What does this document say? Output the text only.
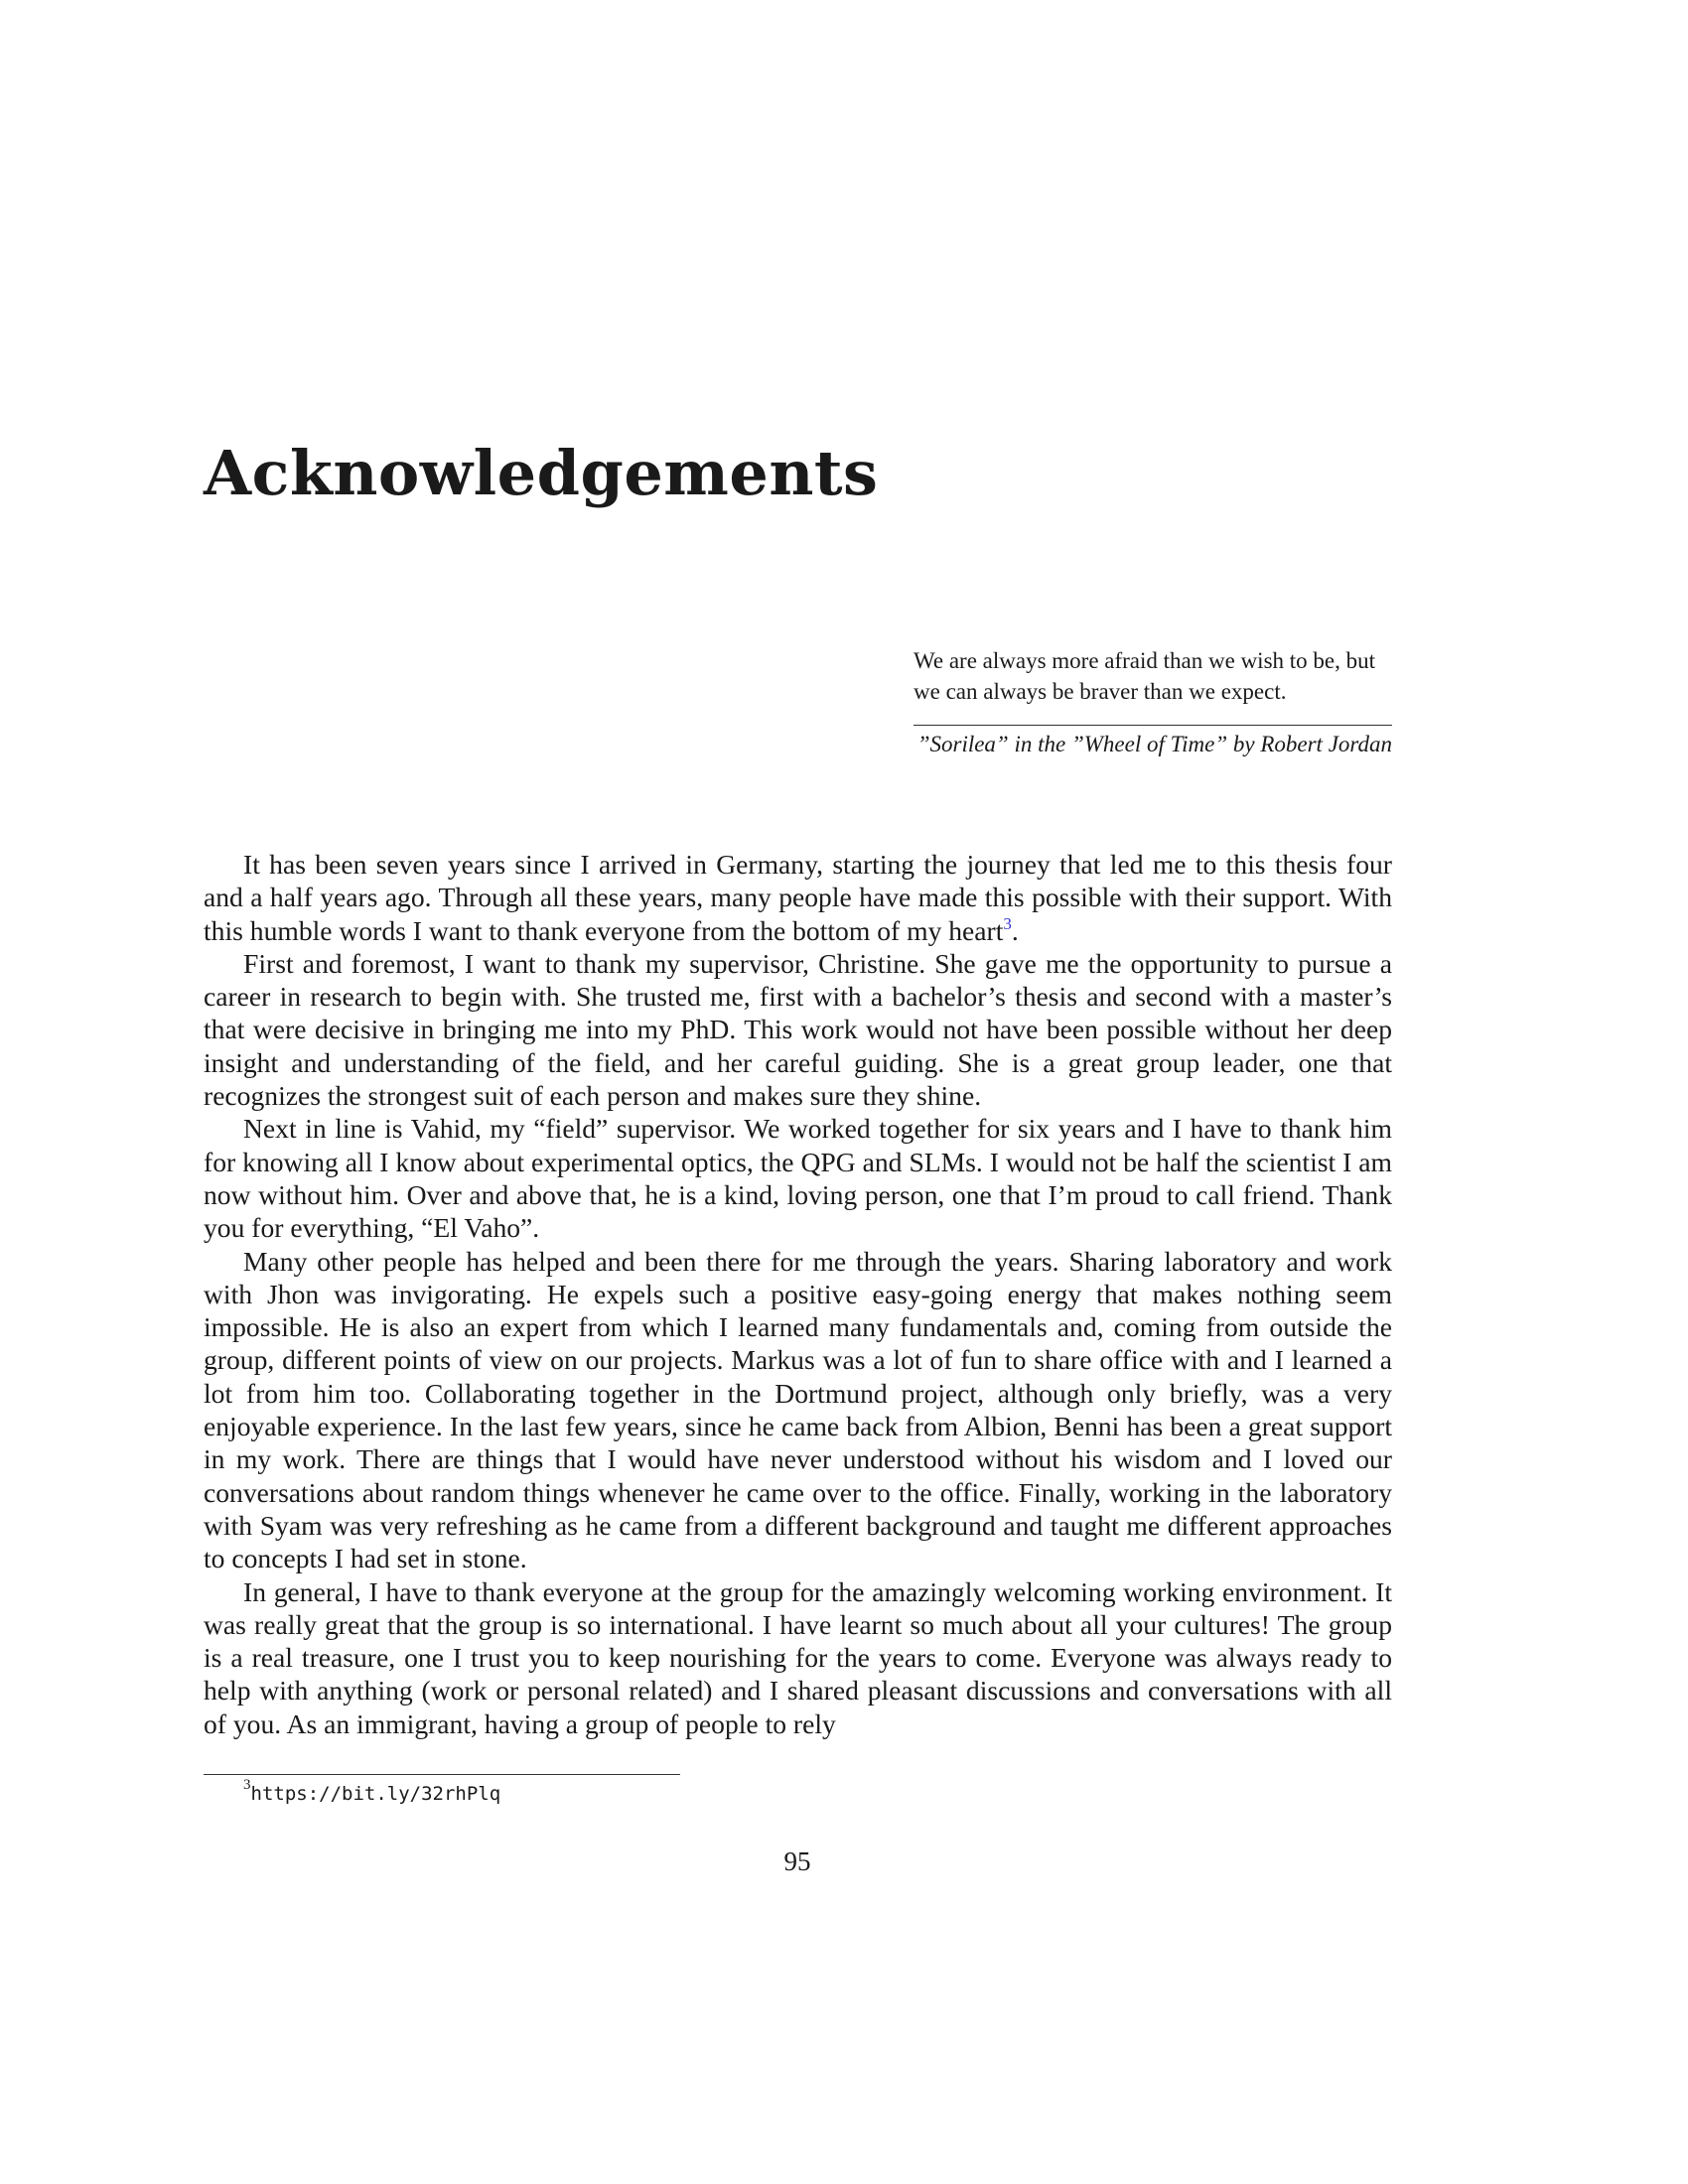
Acknowledgements

We are always more afraid than we wish to be, but we can always be braver than we expect.

”Sorilea” in the ”Wheel of Time” by Robert Jordan

It has been seven years since I arrived in Germany, starting the journey that led me to this thesis four and a half years ago. Through all these years, many people have made this possible with their support. With this humble words I want to thank everyone from the bottom of my heart$^3$.

First and foremost, I want to thank my supervisor, Christine. She gave me the opportunity to pursue a career in research to begin with. She trusted me, first with a bachelor’s thesis and second with a master’s that were decisive in bringing me into my PhD. This work would not have been possible without her deep insight and understanding of the field, and her careful guiding. She is a great group leader, one that recognizes the strongest suit of each person and makes sure they shine.

Next in line is Vahid, my “field” supervisor. We worked together for six years and I have to thank him for knowing all I know about experimental optics, the QPG and SLMs. I would not be half the scientist I am now without him. Over and above that, he is a kind, loving person, one that I’m proud to call friend. Thank you for everything, “El Vaho”.

Many other people has helped and been there for me through the years. Sharing laboratory and work with Jhon was invigorating. He expels such a positive easy-going energy that makes nothing seem impossible. He is also an expert from which I learned many fundamentals and, coming from outside the group, different points of view on our projects. Markus was a lot of fun to share office with and I learned a lot from him too. Collaborating together in the Dortmund project, although only briefly, was a very enjoyable experience. In the last few years, since he came back from Albion, Benni has been a great support in my work. There are things that I would have never understood without his wisdom and I loved our conversations about random things whenever he came over to the office. Finally, working in the laboratory with Syam was very refreshing as he came from a different background and taught me different approaches to concepts I had set in stone.

In general, I have to thank everyone at the group for the amazingly welcoming working environment. It was really great that the group is so international. I have learnt so much about all your cultures! The group is a real treasure, one I trust you to keep nourishing for the years to come. Everyone was always ready to help with anything (work or personal related) and I shared pleasant discussions and conversations with all of you. As an immigrant, having a group of people to rely

$^3$https://bit.ly/32rhPlq

95
